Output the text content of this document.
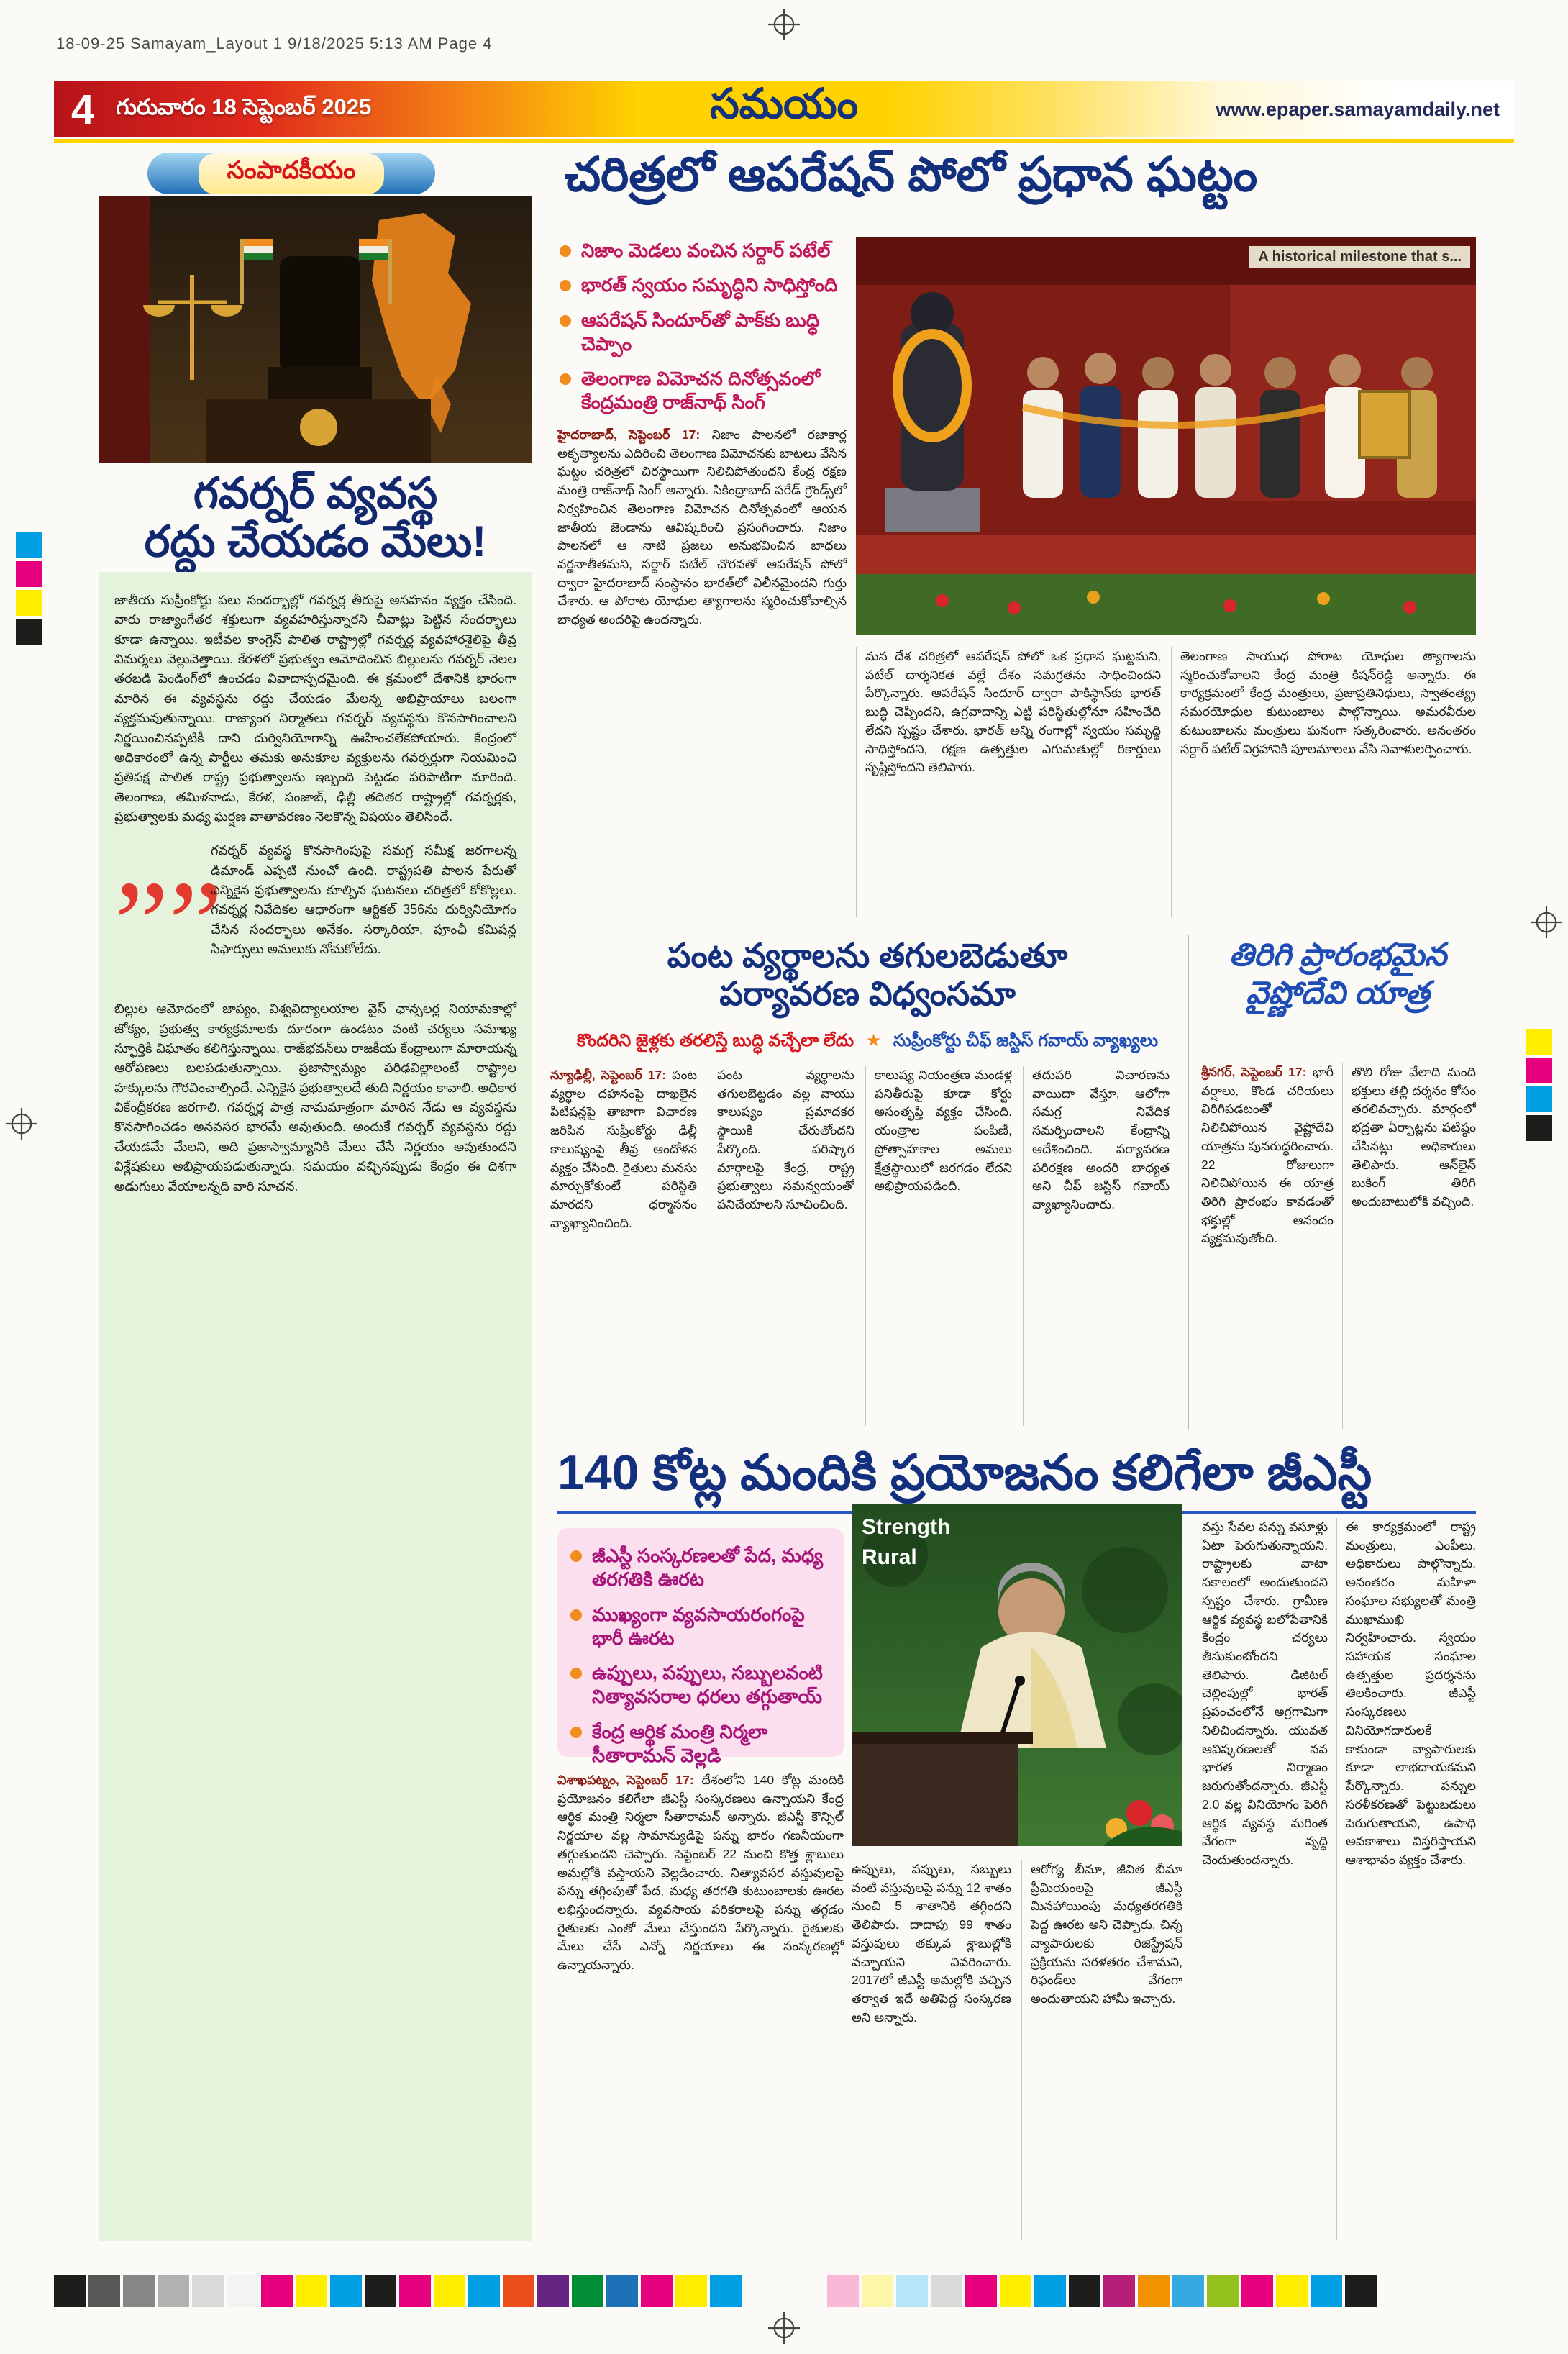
18-09-25 Samayam_Layout 1 9/18/2025 5:13 AM Page 4
4 గురువారం 18 సెప్టెంబర్ 2025	సమయం	www.epaper.samayamdaily.net
సంపాదకీయం
గవర్నర్ వ్యవస్థ
రద్దు చేయడం మేలు!

జాతీయ సుప్రీంకోర్టు పలు సందర్భాల్లో గవర్నర్ల తీరుపై అసహనం వ్యక్తం చేసింది. వారు రాజ్యాంగేతర శక్తులుగా వ్యవహరిస్తున్నారని చీవాట్లు పెట్టిన సందర్భాలు కూడా ఉన్నాయి. ఇటీవల కాంగ్రెస్ పాలిత రాష్ట్రాల్లో గవర్నర్ల వ్యవహారశైలిపై తీవ్ర విమర్శలు వెల్లువెత్తాయి. కేరళలో ప్రభుత్వం ఆమోదించిన బిల్లులను గవర్నర్ నెలల తరబడి పెండింగ్‌లో ఉంచడం వివాదాస్పదమైంది. ఈ క్రమంలో దేశానికి భారంగా మారిన ఈ వ్యవస్థను రద్దు చేయడం మేలన్న అభిప్రాయాలు బలంగా వ్యక్తమవుతున్నాయి. రాజ్యాంగ నిర్మాతలు గవర్నర్ వ్యవస్థను కొనసాగించాలని నిర్ణయించినప్పటికీ దాని దుర్వినియోగాన్ని ఊహించలేకపోయారు. కేంద్రంలో అధికారంలో ఉన్న పార్టీలు తమకు అనుకూల వ్యక్తులను గవర్నర్లుగా నియమించి ప్రతిపక్ష పాలిత రాష్ట్ర ప్రభుత్వాలను ఇబ్బంది పెట్టడం పరిపాటిగా మారింది. తెలంగాణ, తమిళనాడు, కేరళ, పంజాబ్, ఢిల్లీ తదితర రాష్ట్రాల్లో గవర్నర్లకు, ప్రభుత్వాలకు మధ్య ఘర్షణ వాతావరణం నెలకొన్న విషయం తెలిసిందే.

””

గవర్నర్ వ్యవస్థ కొనసాగింపుపై సమగ్ర సమీక్ష జరగాలన్న డిమాండ్ ఎప్పటి నుంచో ఉంది. రాష్ట్రపతి పాలన పేరుతో ఎన్నికైన ప్రభుత్వాలను కూల్చిన ఘటనలు చరిత్రలో కోకొల్లలు. గవర్నర్ల నివేదికల ఆధారంగా ఆర్టికల్ 356ను దుర్వినియోగం చేసిన సందర్భాలు అనేకం. సర్కారియా, పూంఛీ కమిషన్ల సిఫార్సులు అమలుకు నోచుకోలేదు.

బిల్లుల ఆమోదంలో జాప్యం, విశ్వవిద్యాలయాల వైస్ ఛాన్సలర్ల నియామకాల్లో జోక్యం, ప్రభుత్వ కార్యక్రమాలకు దూరంగా ఉండటం వంటి చర్యలు సమాఖ్య స్ఫూర్తికి విఘాతం కలిగిస్తున్నాయి. రాజ్‌భవన్‌లు రాజకీయ కేంద్రాలుగా మారాయన్న ఆరోపణలు బలపడుతున్నాయి. ప్రజాస్వామ్యం పరిఢవిల్లాలంటే రాష్ట్రాల హక్కులను గౌరవించాల్సిందే. ఎన్నికైన ప్రభుత్వాలదే తుది నిర్ణయం కావాలి. అధికార వికేంద్రీకరణ జరగాలి. గవర్నర్ల పాత్ర నామమాత్రంగా మారిన నేడు ఆ వ్యవస్థను కొనసాగించడం అనవసర భారమే అవుతుంది. అందుకే గవర్నర్ వ్యవస్థను రద్దు చేయడమే మేలని, అది ప్రజాస్వామ్యానికి మేలు చేసే నిర్ణయం అవుతుందని విశ్లేషకులు అభిప్రాయపడుతున్నారు. సమయం వచ్చినప్పుడు కేంద్రం ఈ దిశగా అడుగులు వేయాలన్నది వారి సూచన.

చరిత్రలో ఆపరేషన్ పోలో ప్రధాన ఘట్టం
నిజాం మెడలు వంచిన సర్దార్ పటేల్
భారత్ స్వయం సమృద్ధిని సాధిస్తోంది
ఆపరేషన్ సిందూర్‌తో పాక్‌కు బుద్ధి చెప్పాం
తెలంగాణ విమోచన దినోత్సవంలో కేంద్రమంత్రి రాజ్‌నాథ్ సింగ్
A historical milestone that s...
హైదరాబాద్, సెప్టెంబర్ 17: నిజాం పాలనలో రజాకార్ల అకృత్యాలను ఎదిరించి తెలంగాణ విమోచనకు బాటలు వేసిన ఘట్టం చరిత్రలో చిరస్థాయిగా నిలిచిపోతుందని కేంద్ర రక్షణ మంత్రి రాజ్‌నాథ్ సింగ్ అన్నారు. సికింద్రాబాద్ పరేడ్ గ్రౌండ్స్‌లో నిర్వహించిన తెలంగాణ విమోచన దినోత్సవంలో ఆయన జాతీయ జెండాను ఆవిష్కరించి ప్రసంగించారు. నిజాం పాలనలో ఆ నాటి ప్రజలు అనుభవించిన బాధలు వర్ణనాతీతమని, సర్దార్ పటేల్ చొరవతో ఆపరేషన్ పోలో ద్వారా హైదరాబాద్ సంస్థానం భారత్‌లో విలీనమైందని గుర్తు చేశారు. ఆ పోరాట యోధుల త్యాగాలను స్మరించుకోవాల్సిన బాధ్యత అందరిపై ఉందన్నారు.
మన దేశ చరిత్రలో ఆపరేషన్ పోలో ఒక ప్రధాన ఘట్టమని, పటేల్ దార్శనికత వల్లే దేశం సమగ్రతను సాధించిందని పేర్కొన్నారు. ఆపరేషన్ సిందూర్ ద్వారా పాకిస్థాన్‌కు భారత్ బుద్ధి చెప్పిందని, ఉగ్రవాదాన్ని ఎట్టి పరిస్థితుల్లోనూ సహించేది లేదని స్పష్టం చేశారు. భారత్ అన్ని రంగాల్లో స్వయం సమృద్ధి సాధిస్తోందని, రక్షణ ఉత్పత్తుల ఎగుమతుల్లో రికార్డులు సృష్టిస్తోందని తెలిపారు.
తెలంగాణ సాయుధ పోరాట యోధుల త్యాగాలను స్మరించుకోవాలని కేంద్ర మంత్రి కిషన్‌రెడ్డి అన్నారు. ఈ కార్యక్రమంలో కేంద్ర మంత్రులు, ప్రజాప్రతినిధులు, స్వాతంత్య్ర సమరయోధుల కుటుంబాలు పాల్గొన్నాయి. అమరవీరుల కుటుంబాలను మంత్రులు ఘనంగా సత్కరించారు. అనంతరం సర్దార్ పటేల్ విగ్రహానికి పూలమాలలు వేసి నివాళులర్పించారు.
పంట వ్యర్థాలను తగులబెడుతూ
పర్యావరణ విధ్వంసమా
కొందరిని జైళ్లకు తరలిస్తే బుద్ధి వచ్చేలా లేదు ★ సుప్రీంకోర్టు చీఫ్ జస్టిస్ గవాయ్ వ్యాఖ్యలు
న్యూఢిల్లీ, సెప్టెంబర్ 17: పంట వ్యర్థాల దహనంపై దాఖలైన పిటిషన్లపై తాజాగా విచారణ జరిపిన సుప్రీంకోర్టు ఢిల్లీ కాలుష్యంపై తీవ్ర ఆందోళన వ్యక్తం చేసింది. రైతులు మనసు మార్చుకోకుంటే పరిస్థితి మారదని ధర్మాసనం వ్యాఖ్యానించింది.
పంట వ్యర్థాలను తగులబెట్టడం వల్ల వాయు కాలుష్యం ప్రమాదకర స్థాయికి చేరుతోందని పేర్కొంది. పరిష్కార మార్గాలపై కేంద్ర, రాష్ట్ర ప్రభుత్వాలు సమన్వయంతో పనిచేయాలని సూచించింది.
కాలుష్య నియంత్రణ మండళ్ల పనితీరుపై కూడా కోర్టు అసంతృప్తి వ్యక్తం చేసింది. యంత్రాల పంపిణీ, ప్రోత్సాహకాల అమలు క్షేత్రస్థాయిలో జరగడం లేదని అభిప్రాయపడింది.
తదుపరి విచారణను వాయిదా వేస్తూ, ఆలోగా సమగ్ర నివేదిక సమర్పించాలని కేంద్రాన్ని ఆదేశించింది. పర్యావరణ పరిరక్షణ అందరి బాధ్యత అని చీఫ్ జస్టిస్ గవాయ్ వ్యాఖ్యానించారు.
తిరిగి ప్రారంభమైన వైష్ణోదేవి యాత్ర
శ్రీనగర్, సెప్టెంబర్ 17: భారీ వర్షాలు, కొండ చరియలు విరిగిపడటంతో నిలిచిపోయిన వైష్ణోదేవి యాత్రను పునరుద్ధరించారు. 22 రోజులుగా నిలిచిపోయిన ఈ యాత్ర తిరిగి ప్రారంభం కావడంతో భక్తుల్లో ఆనందం వ్యక్తమవుతోంది.
తొలి రోజు వేలాది మంది భక్తులు తల్లి దర్శనం కోసం తరలివచ్చారు. మార్గంలో భద్రతా ఏర్పాట్లను పటిష్ఠం చేసినట్లు అధికారులు తెలిపారు. ఆన్‌లైన్ బుకింగ్ తిరిగి అందుబాటులోకి వచ్చింది.
140 కోట్ల మందికి ప్రయోజనం కలిగేలా జీఎస్టీ
జీఎస్టీ సంస్కరణలతో పేద, మధ్య తరగతికి ఊరట
ముఖ్యంగా వ్యవసాయరంగంపై భారీ ఊరట
ఉప్పులు, పప్పులు, సబ్బులవంటి నిత్యావసరాల ధరలు తగ్గుతాయ్
కేంద్ర ఆర్థిక మంత్రి నిర్మలా సీతారామన్ వెల్లడి
Strength
Rural
విశాఖపట్నం, సెప్టెంబర్ 17: దేశంలోని 140 కోట్ల మందికి ప్రయోజనం కలిగేలా జీఎస్టీ సంస్కరణలు ఉన్నాయని కేంద్ర ఆర్థిక మంత్రి నిర్మలా సీతారామన్ అన్నారు. జీఎస్టీ కౌన్సిల్ నిర్ణయాల వల్ల సామాన్యుడిపై పన్ను భారం గణనీయంగా తగ్గుతుందని చెప్పారు. సెప్టెంబర్ 22 నుంచి కొత్త శ్లాబులు అమల్లోకి వస్తాయని వెల్లడించారు. నిత్యావసర వస్తువులపై పన్ను తగ్గింపుతో పేద, మధ్య తరగతి కుటుంబాలకు ఊరట లభిస్తుందన్నారు. వ్యవసాయ పరికరాలపై పన్ను తగ్గడం రైతులకు ఎంతో మేలు చేస్తుందని పేర్కొన్నారు. రైతులకు మేలు చేసే ఎన్నో నిర్ణయాలు ఈ సంస్కరణల్లో ఉన్నాయన్నారు.
ఉప్పులు, పప్పులు, సబ్బులు వంటి వస్తువులపై పన్ను 12 శాతం నుంచి 5 శాతానికి తగ్గిందని తెలిపారు. దాదాపు 99 శాతం వస్తువులు తక్కువ శ్లాబుల్లోకి వచ్చాయని వివరించారు. 2017లో జీఎస్టీ అమల్లోకి వచ్చిన తర్వాత ఇదే అతిపెద్ద సంస్కరణ అని అన్నారు.
ఆరోగ్య బీమా, జీవిత బీమా ప్రీమియంలపై జీఎస్టీ మినహాయింపు మధ్యతరగతికి పెద్ద ఊరట అని చెప్పారు. చిన్న వ్యాపారులకు రిజిస్ట్రేషన్ ప్రక్రియను సరళతరం చేశామని, రిఫండ్‌లు వేగంగా అందుతాయని హామీ ఇచ్చారు.
వస్తు సేవల పన్ను వసూళ్లు ఏటా పెరుగుతున్నాయని, రాష్ట్రాలకు వాటా సకాలంలో అందుతుందని స్పష్టం చేశారు. గ్రామీణ ఆర్థిక వ్యవస్థ బలోపేతానికి కేంద్రం చర్యలు తీసుకుంటోందని తెలిపారు. డిజిటల్ చెల్లింపుల్లో భారత్ ప్రపంచంలోనే అగ్రగామిగా నిలిచిందన్నారు. యువత ఆవిష్కరణలతో నవ భారత నిర్మాణం జరుగుతోందన్నారు. జీఎస్టీ 2.0 వల్ల వినియోగం పెరిగి ఆర్థిక వ్యవస్థ మరింత వేగంగా వృద్ధి చెందుతుందన్నారు.
ఈ కార్యక్రమంలో రాష్ట్ర మంత్రులు, ఎంపీలు, అధికారులు పాల్గొన్నారు. అనంతరం మహిళా సంఘాల సభ్యులతో మంత్రి ముఖాముఖి నిర్వహించారు. స్వయం సహాయక సంఘాల ఉత్పత్తుల ప్రదర్శనను తిలకించారు. జీఎస్టీ సంస్కరణలు వినియోగదారులకే కాకుండా వ్యాపారులకు కూడా లాభదాయకమని పేర్కొన్నారు. పన్నుల సరళీకరణతో పెట్టుబడులు పెరుగుతాయని, ఉపాధి అవకాశాలు విస్తరిస్తాయని ఆశాభావం వ్యక్తం చేశారు.
